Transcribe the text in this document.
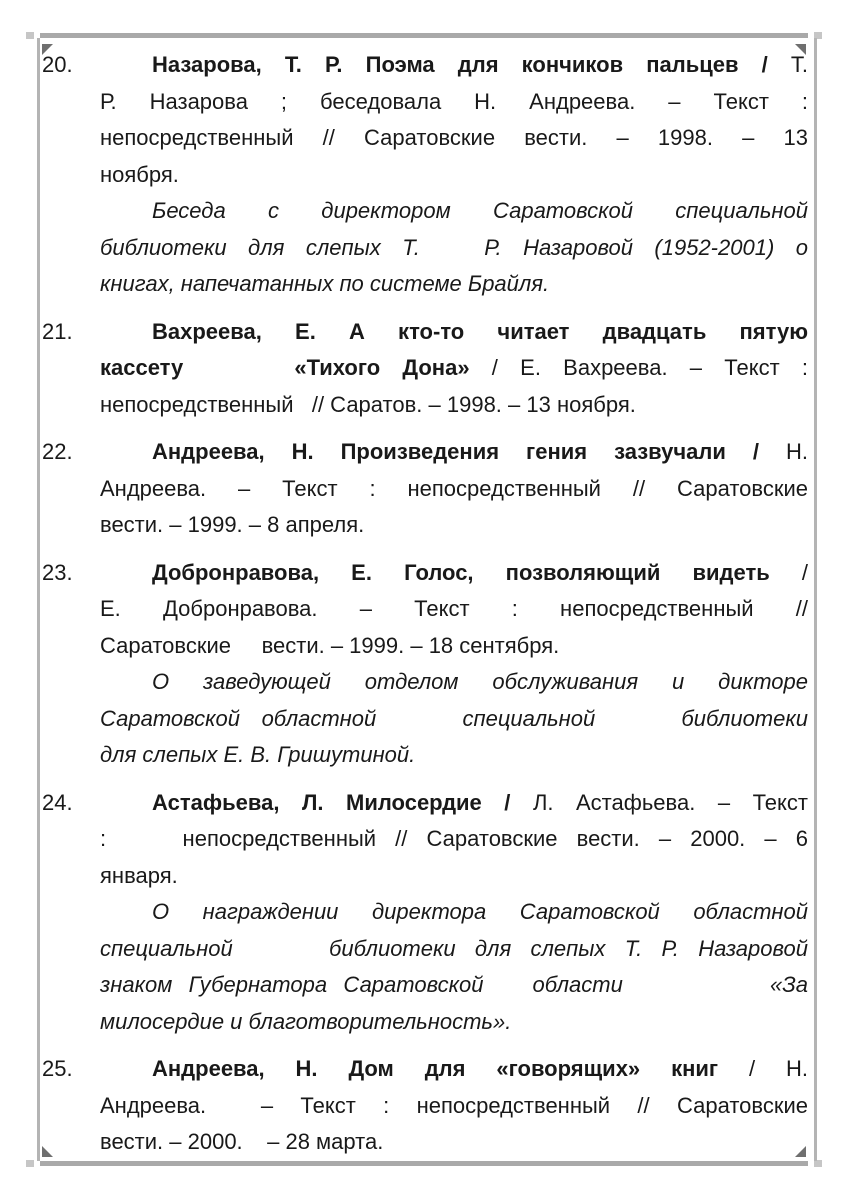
20.	Назарова, Т. Р. Поэма для кончиков пальцев / Т.
Р. Назарова ; беседовала Н. Андреева. – Текст :
непосредственный // Саратовские вести. – 1998. – 13
ноября.
Беседа с директором Саратовской специальной
библиотеки для слепых Т.   Р. Назаровой (1952-2001) о
книгах, напечатанных по системе Брайля.
21.	Вахреева, Е. А кто-то читает двадцать пятую
кассету     «Тихого Дона» / Е. Вахреева. – Текст :
непосредственный   // Саратов. – 1998. – 13 ноября.
22.	Андреева, Н. Произведения гения зазвучали / Н.
Андреева. – Текст : непосредственный // Саратовские
вести. – 1999. – 8 апреля.
23.	Добронравова, Е. Голос, позволяющий видеть /
Е. Добронравова. – Текст : непосредственный //
Саратовские     вести. – 1999. – 18 сентября.
О заведующей отделом обслуживания и дикторе
Саратовской областной    специальной    библиотеки
для слепых Е. В. Гришутиной.
24.	Астафьева, Л. Милосердие / Л. Астафьева. – Текст
:    непосредственный // Саратовские вести. – 2000. – 6
января.
О награждении директора Саратовской областной
специальной     библиотеки для слепых Т. Р. Назаровой
знаком Губернатора Саратовской   области         «За
милосердие и благотворительность».
25.	Андреева, Н. Дом для «говорящих» книг / Н.
Андреева.  – Текст : непосредственный // Саратовские
вести. – 2000.    – 28 марта.
